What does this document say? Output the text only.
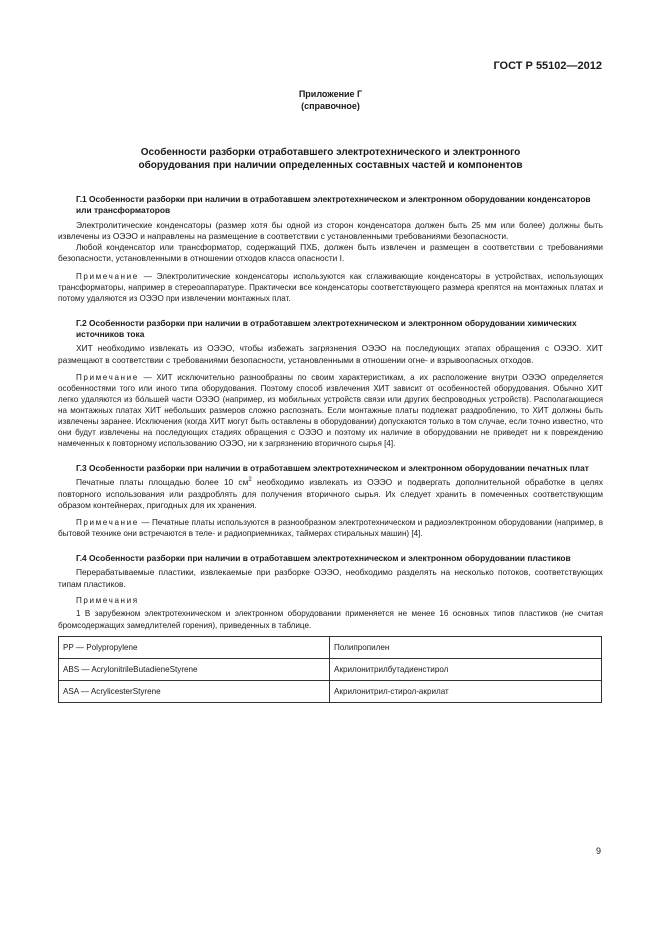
ГОСТ Р 55102—2012

Приложение Г

(справочное)

Особенности разборки отработавшего электротехнического и электронного
оборудования при наличии определенных составных частей и компонентов

Г.1 Особенности разборки при наличии в отработавшем электротехническом и электронном оборудовании конденсаторов или трансформаторов

Электролитические конденсаторы (размер хотя бы одной из сторон конденсатора должен быть 25 мм или более) должны быть извлечены из ОЭЭО и направлены на размещение в соответствии с установленными требованиями безопасности.

Любой конденсатор или трансформатор, содержащий ПХБ, должен быть извлечен и размещен в соответствии с требованиями безопасности, установленными в отношении отходов класса опасности I.

Примечание — Электролитические конденсаторы используются как сглаживающие конденсаторы в устройствах, использующих трансформаторы, например в стереоаппаратуре. Практически все конденсаторы соответствующего размера крепятся на монтажных платах и потому удаляются из ОЭЭО при извлечении монтажных плат.

Г.2 Особенности разборки при наличии в отработавшем электротехническом и электронном оборудовании химических источников тока

ХИТ необходимо извлекать из ОЭЭО, чтобы избежать загрязнения ОЭЭО на последующих этапах обращения с ОЭЭО. ХИТ размещают в соответствии с требованиями безопасности, установленными в отношении огне- и взрывоопасных отходов.

Примечание — ХИТ исключительно разнообразны по своим характеристикам, а их расположение внутри ОЭЭО определяется особенностями того или иного типа оборудования. Поэтому способ извлечения ХИТ зависит от особенностей оборудования. Обычно ХИТ легко удаляются из бóльшей части ОЭЭО (например, из мобильных устройств связи или других беспроводных устройств). Располагающиеся на монтажных платах ХИТ небольших размеров сложно распознать. Если монтажные платы подлежат раздроблению, то ХИТ должны быть извлечены заранее. Исключения (когда ХИТ могут быть оставлены в оборудовании) допускаются только в том случае, если точно известно, что они будут извлечены на последующих стадиях обращения с ОЭЭО и поэтому их наличие в оборудовании не приведет ни к повреждению намеченных к повторному использованию ОЭЭО, ни к загрязнению вторичного сырья [4].

Г.3 Особенности разборки при наличии в отработавшем электротехническом и электронном оборудовании печатных плат

Печатные платы площадью более 10 $см^2$ необходимо извлекать из ОЭЭО и подвергать дополнительной обработке в целях повторного использования или раздроблять для получения вторичного сырья. Их следует хранить в помеченных соответствующим образом контейнерах, пригодных для их хранения.

Примечание — Печатные платы используются в разнообразном электротехническом и радиоэлектронном оборудовании (например, в бытовой технике они встречаются в теле- и радиоприемниках, таймерах стиральных машин) [4].

Г.4 Особенности разборки при наличии в отработавшем электротехническом и электронном оборудовании пластиков

Перерабатываемые пластики, извлекаемые при разборке ОЭЭО, необходимо разделять на несколько потоков, соответствующих типам пластиков.

Примечания

1 В зарубежном электротехническом и электронном оборудовании применяется не менее 16 основных типов пластиков (не считая бромсодержащих замедлителей горения), приведенных в таблице.

PP — Polypropylene	Полипропилен
ABS — AcrylonitrileButadieneStyrene	Акрилонитрилбутадиенстирол
ASA — AcrylicesterStyrene	Акрилонитрил-стирол-акрилат
9
